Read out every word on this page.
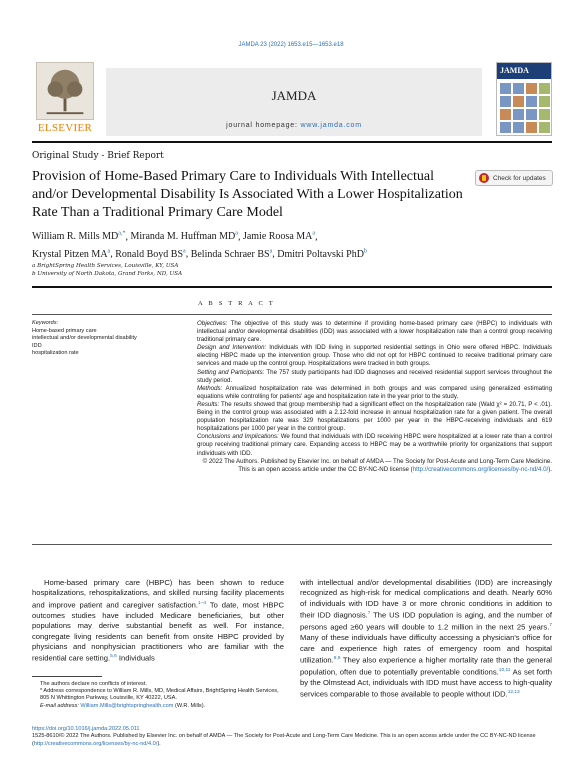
JAMDA 23 (2022) 1653.e15—1653.e18
ELSEVIER
JAMDA
journal homepage: www.jamda.com
JAMDA
Original Study - Brief Report
Provision of Home-Based Primary Care to Individuals With Intellectual and/or Developmental Disability Is Associated With a Lower Hospitalization Rate Than a Traditional Primary Care Model
Check for updates
William R. Mills $MD^{a,*}$, Miranda M. Huffman $MD^a$, Jamie Roosa $MA^a$,
Krystal Pitzen $MA^a$, Ronald Boyd $BS^a$, Belinda Schraer $BS^a$, Dmitri Poltavski PhD$^b$
a BrightSpring Health Services, Louisville, KY, USA
b University of North Dakota, Grand Forks, ND, USA
A B S T R A C T
Keywords:
Home-based primary care
intellectual and/or developmental disability
IDD
hospitalization rate

Objectives: The objective of this study was to determine if providing home-based primary care (HBPC) to individuals with intellectual and/or developmental disabilities (IDD) was associated with a lower hospitalization rate than a control group receiving traditional primary care.

Design and Intervention: Individuals with IDD living in supported residential settings in Ohio were offered HBPC. Individuals electing HBPC made up the intervention group. Those who did not opt for HBPC continued to receive traditional primary care services and made up the control group. Hospitalizations were tracked in both groups.

Setting and Participants: The 757 study participants had IDD diagnoses and received residential support services throughout the study period.

Methods: Annualized hospitalization rate was determined in both groups and was compared using generalized estimating equations while controlling for patients' age and hospitalization rate in the year prior to the study.

Results: The results showed that group membership had a significant effect on the hospitalization rate (Wald χ² = 20.71, P < .01). Being in the control group was associated with a 2.12-fold increase in annual hospitalization rate for a given patient. The overall population hospitalization rate was 329 hospitalizations per 1000 per year in the HBPC-receiving individuals and 619 hospitalizations per 1000 per year in the control group.

Conclusions and Implications: We found that individuals with IDD receiving HBPC were hospitalized at a lower rate than a control group receiving traditional primary care. Expanding access to HBPC may be a worthwhile priority for organizations that support individuals with IDD.

© 2022 The Authors. Published by Elsevier Inc. on behalf of AMDA — The Society for Post-Acute and Long-Term Care Medicine. This is an open access article under the CC BY-NC-ND license (http://creativecommons.org/licenses/by-nc-nd/4.0/).

Home-based primary care (HBPC) has been shown to reduce hospitalizations, rehospitalizations, and skilled nursing facility placements and improve patient and caregiver satisfaction.$^{1-4}$ To date, most HBPC outcomes studies have included Medicare beneficiaries, but other populations may derive substantial benefit as well. For instance, congregate living residents can benefit from onsite HBPC provided by physicians and nonphysician practitioners who are familiar with the residential care setting.$^{5,6}$ Individuals
with intellectual and/or developmental disabilities (IDD) are increasingly recognized as high-risk for medical complications and death. Nearly 60% of individuals with IDD have 3 or more chronic conditions in addition to their IDD diagnosis.$^7$ The US IDD population is aging, and the number of persons aged ≥60 years will double to 1.2 million in the next 25 years.$^7$ Many of these individuals have difficulty accessing a physician's office for care and experience high rates of emergency room and hospital utilization.$^{8,9}$ They also experience a higher mortality rate than the general population, often due to potentially preventable conditions.$^{10,11}$ As set forth by the Olmstead Act, individuals with IDD must have access to high-quality services comparable to those available to people without IDD.$^{12,13}$
The authors declare no conflicts of interest.
* Address correspondence to William R. Mills, MD, Medical Affairs, BrightSpring Health Services, 805 N Whittington Parkway, Louisville, KY 40222, USA.
E-mail address: William.Mills@brightspringhealth.com (W.R. Mills).
https://doi.org/10.1016/j.jamda.2022.05.011
1525-8610/© 2022 The Authors. Published by Elsevier Inc. on behalf of AMDA — The Society for Post-Acute and Long-Term Care Medicine. This is an open access article under the CC BY-NC-ND license (http://creativecommons.org/licenses/by-nc-nd/4.0/).
